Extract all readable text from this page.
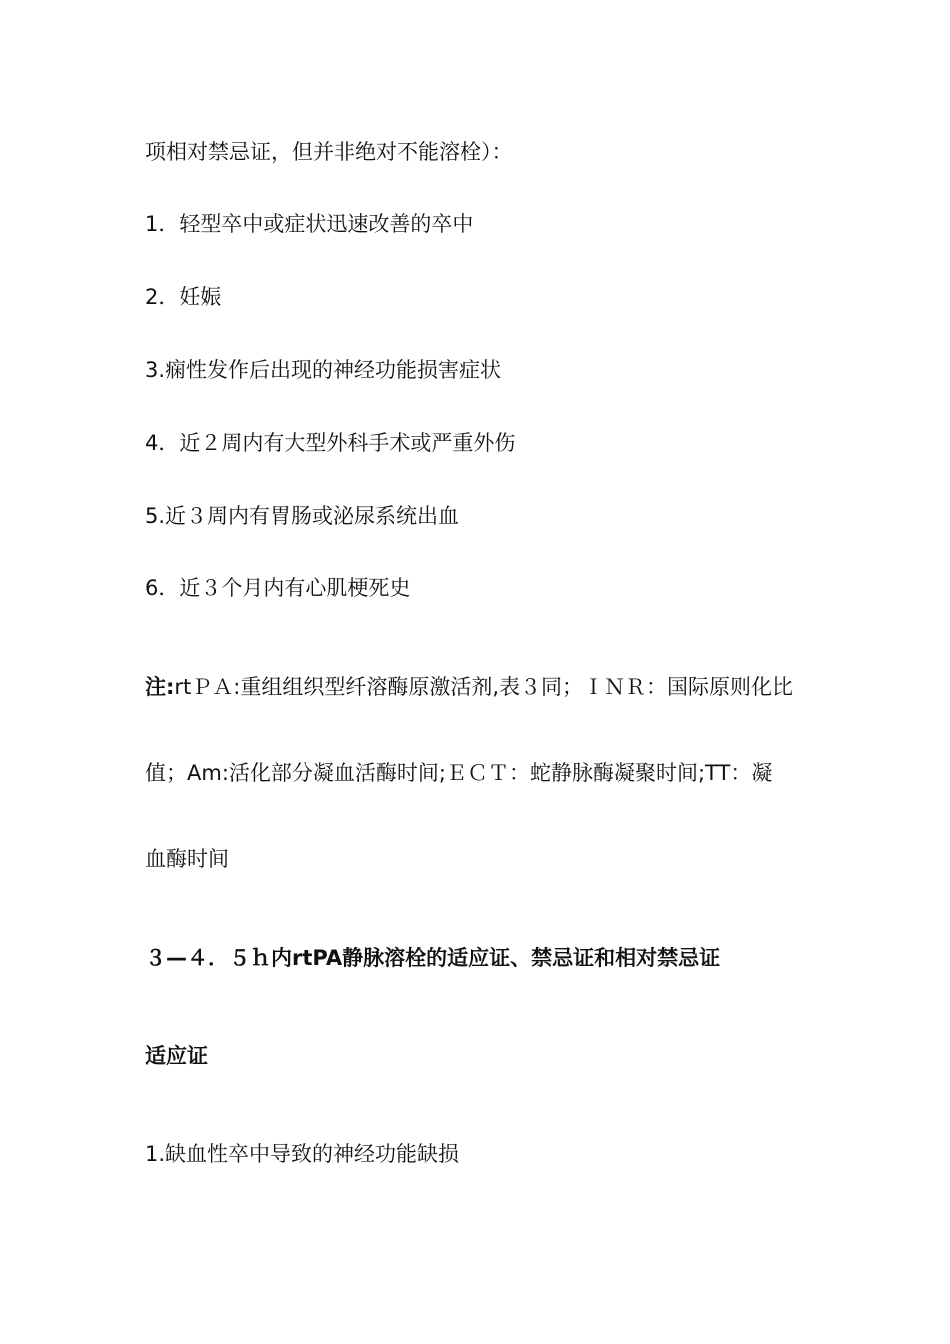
项相对禁忌证，但并非绝对不能溶栓）：
1．轻型卒中或症状迅速改善的卒中
2．妊娠
3.痫性发作后出现的神经功能损害症状
4．近２周内有大型外科手术或严重外伤
5.近３周内有胃肠或泌尿系统出血
6．近３个月内有心肌梗死史
注:rtＰＡ:重组组织型纤溶酶原激活剂,表３同；ＩＮＲ：国际原则化比
值；Am:活化部分凝血活酶时间;ＥＣＴ：蛇静脉酶凝聚时间;TT：凝
血酶时间
３—４．５ｈ内rtPA静脉溶栓的适应证、禁忌证和相对禁忌证
适应证
1.缺血性卒中导致的神经功能缺损
